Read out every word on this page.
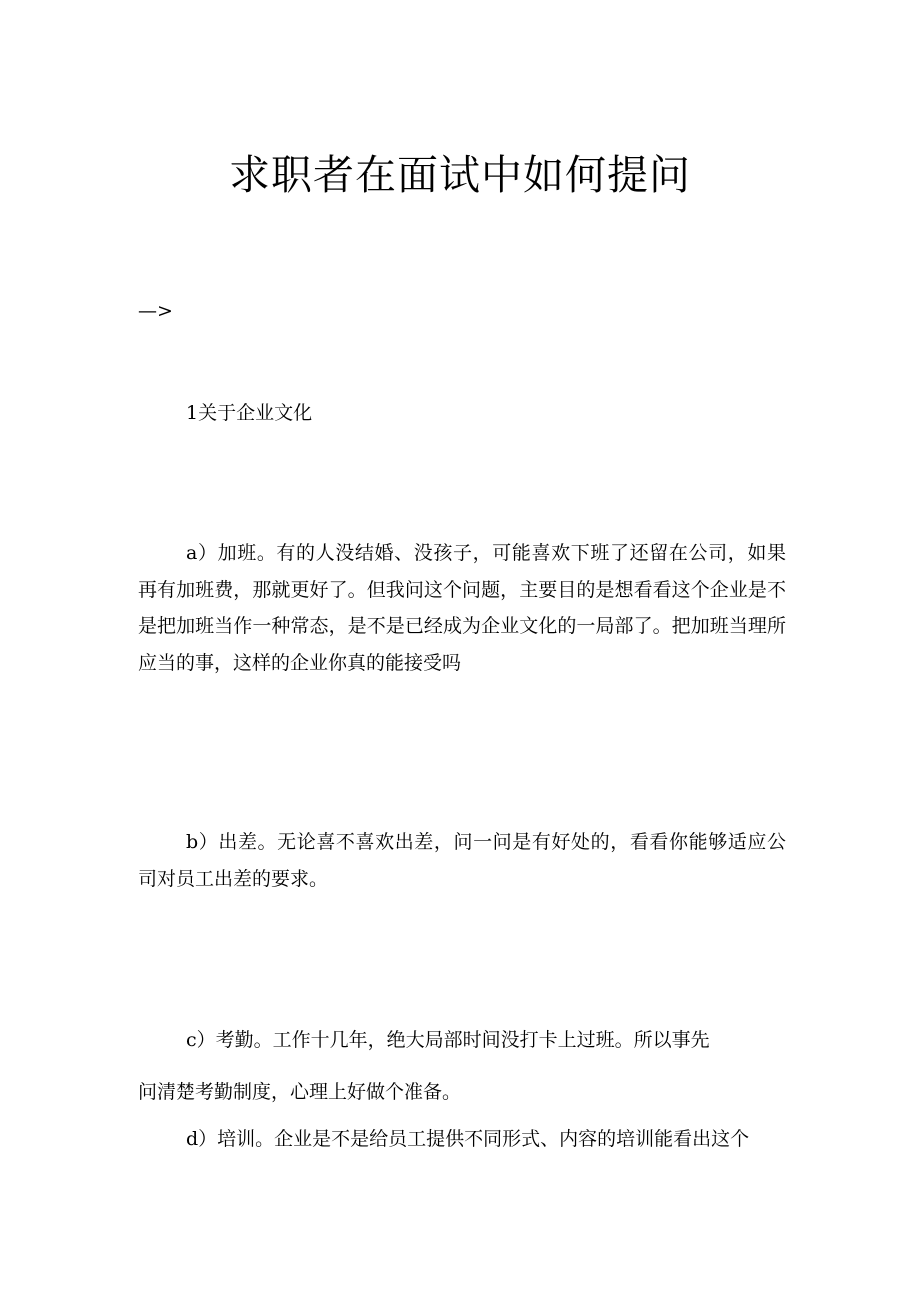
求职者在面试中如何提问
—>
1关于企业文化

a）加班。有的人没结婚、没孩子，可能喜欢下班了还留在公司，如果再有加班费，那就更好了。但我问这个问题，主要目的是想看看这个企业是不是把加班当作一种常态，是不是已经成为企业文化的一局部了。把加班当理所应当的事，这样的企业你真的能接受吗

b）出差。无论喜不喜欢出差，问一问是有好处的，看看你能够适应公司对员工出差的要求。

c）考勤。工作十几年，绝大局部时间没打卡上过班。所以事先
问清楚考勤制度，心理上好做个准备。
d）培训。企业是不是给员工提供不同形式、内容的培训能看出这个
